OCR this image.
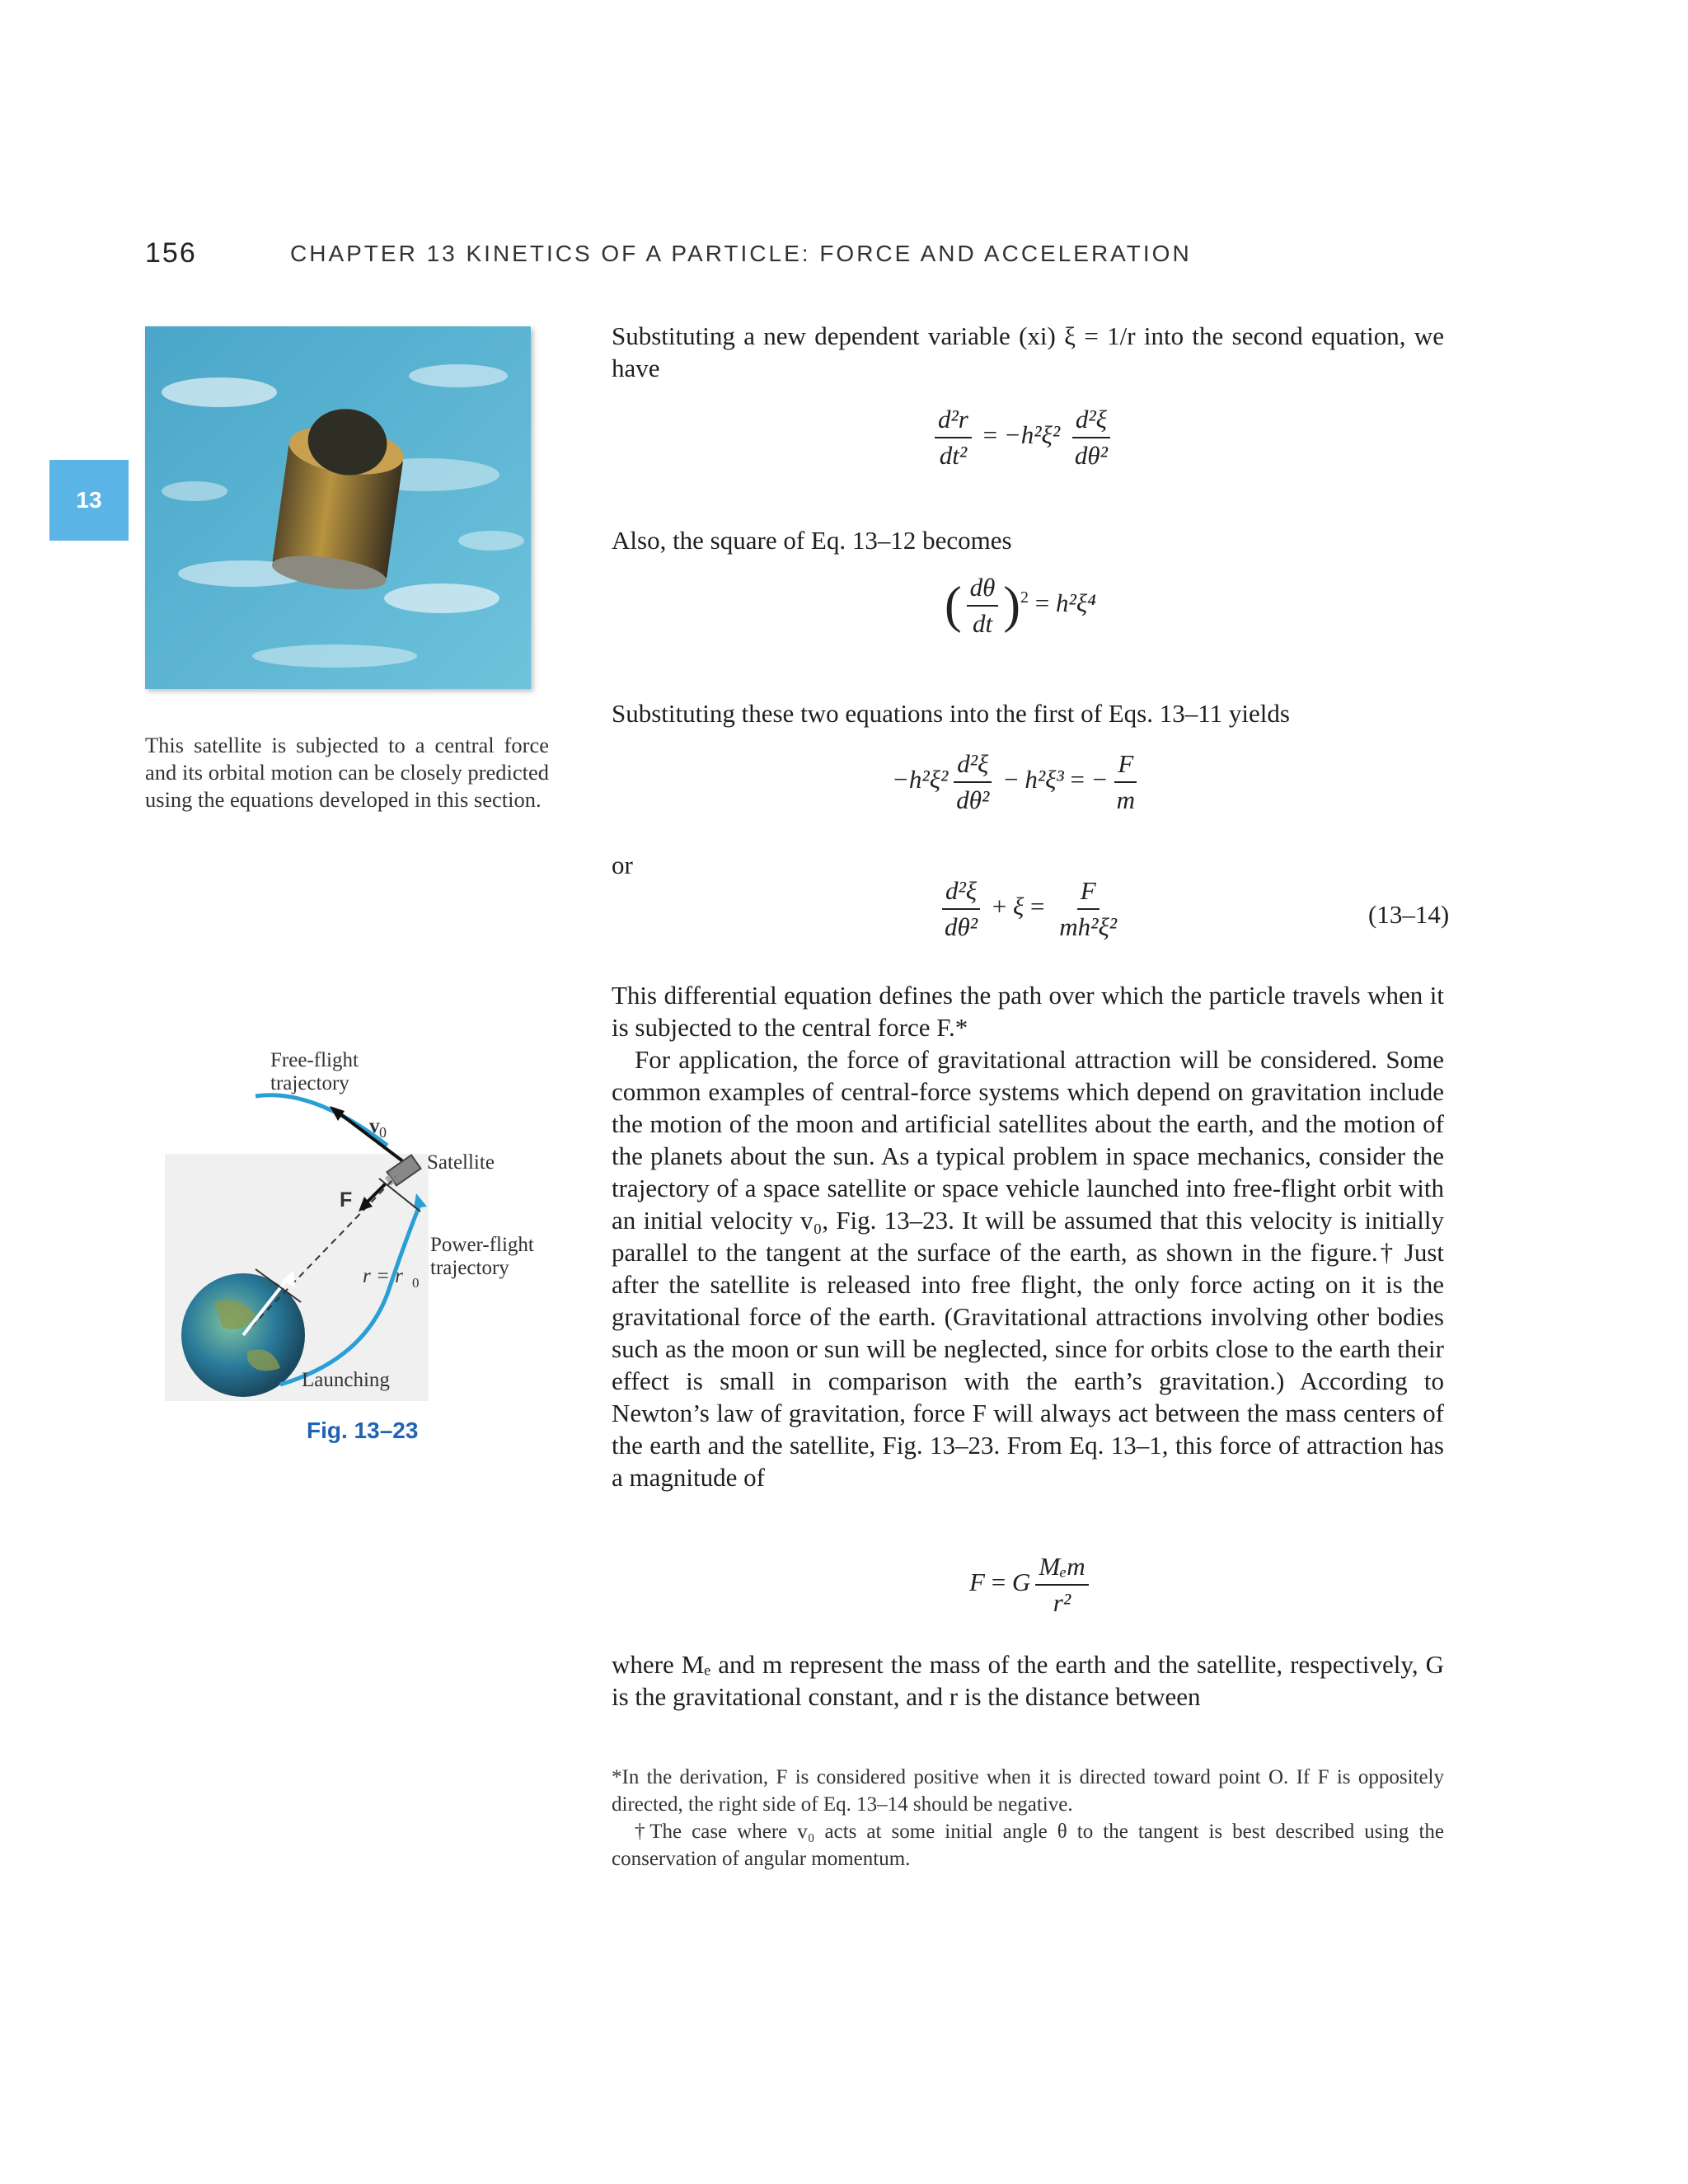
156	CHAPTER 13 KINETICS OF A PARTICLE: FORCE AND ACCELERATION
13
This satellite is subjected to a central force and its orbital motion can be closely predicted using the equations developed in this section.
Free-flight
trajectory
v 0
Satellite
F
Power-flight
trajectory
r = r 0
Launching
Fig. 13–23
Substituting a new dependent variable (xi) ξ = 1/r into the second equation, we have
$\frac{\text{d²r}}{\text{dt²}} = -h^2\xi^2 \frac{\text{d²ξ}}{\text{dθ²}}$
Also, the square of Eq. 13–12 becomes
( $\frac{d\theta}{dt} )^2 = h^2\xi^4$
Substituting these two equations into the first of Eqs. 13–11 yields
$-h^2\xi^2 \frac{\text{d²ξ}}{\text{dθ²}} - h^2\xi^3$ = − $\frac{F}{m}$
or
$\frac{\text{d²ξ}}{\text{dθ²}} + \xi = \frac{F}{\text{mh²ξ²}}$	(13–14)
This differential equation defines the path over which the particle travels when it is subjected to the central force F.*
For application, the force of gravitational attraction will be considered. Some common examples of central-force systems which depend on gravitation include the motion of the moon and artificial satellites about the earth, and the motion of the planets about the sun. As a typical problem in space mechanics, consider the trajectory of a space satellite or space vehicle launched into free-flight orbit with an initial velocity v₀, Fig. 13–23. It will be assumed that this velocity is initially parallel to the tangent at the surface of the earth, as shown in the figure.† Just after the satellite is released into free flight, the only force acting on it is the gravitational force of the earth. (Gravitational attractions involving other bodies such as the moon or sun will be neglected, since for orbits close to the earth their effect is small in comparison with the earth’s gravitation.) According to Newton’s law of gravitation, force F will always act between the mass centers of the earth and the satellite, Fig. 13–23. From Eq. 13–1, this force of attraction has a magnitude of
F = G $\frac{\text{Mₑm}}{\text{r²}}$
where Mₑ and m represent the mass of the earth and the satellite, respectively, G is the gravitational constant, and r is the distance between
*In the derivation, F is considered positive when it is directed toward point O. If F is oppositely directed, the right side of Eq. 13–14 should be negative.
†The case where v₀ acts at some initial angle θ to the tangent is best described using the conservation of angular momentum.
